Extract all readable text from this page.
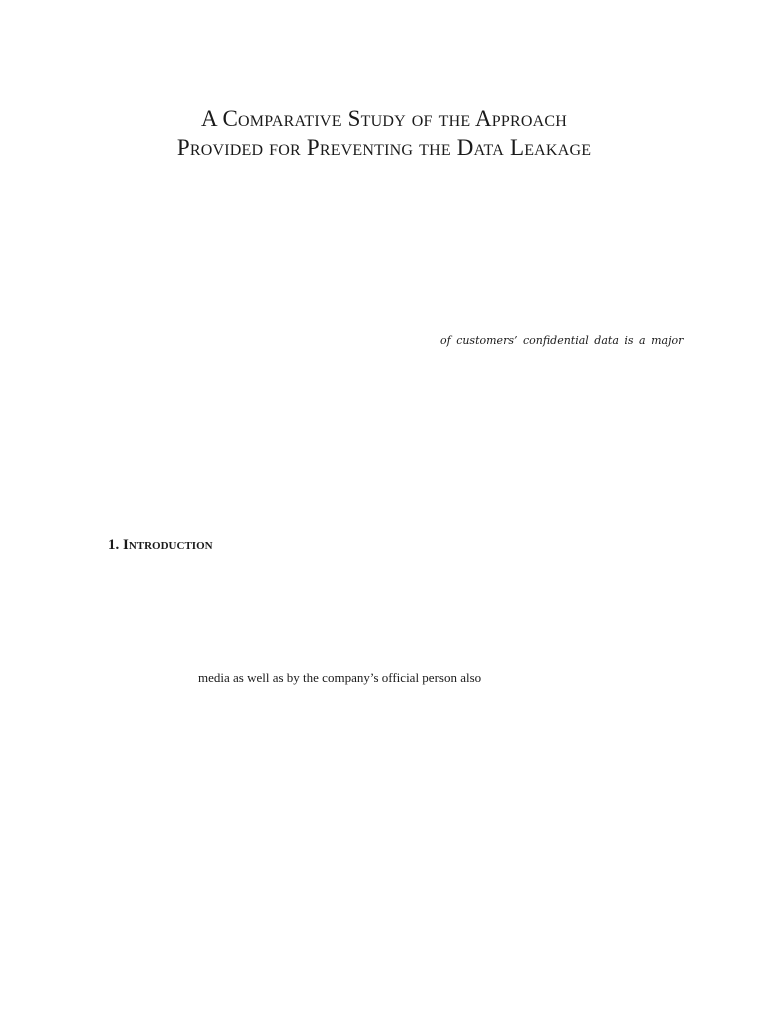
A Comparative Study of the Approach
Provided for Preventing the Data Leakage
of customers’ confidential data is a major
1. Introduction
media as well as by the company’s official person also
